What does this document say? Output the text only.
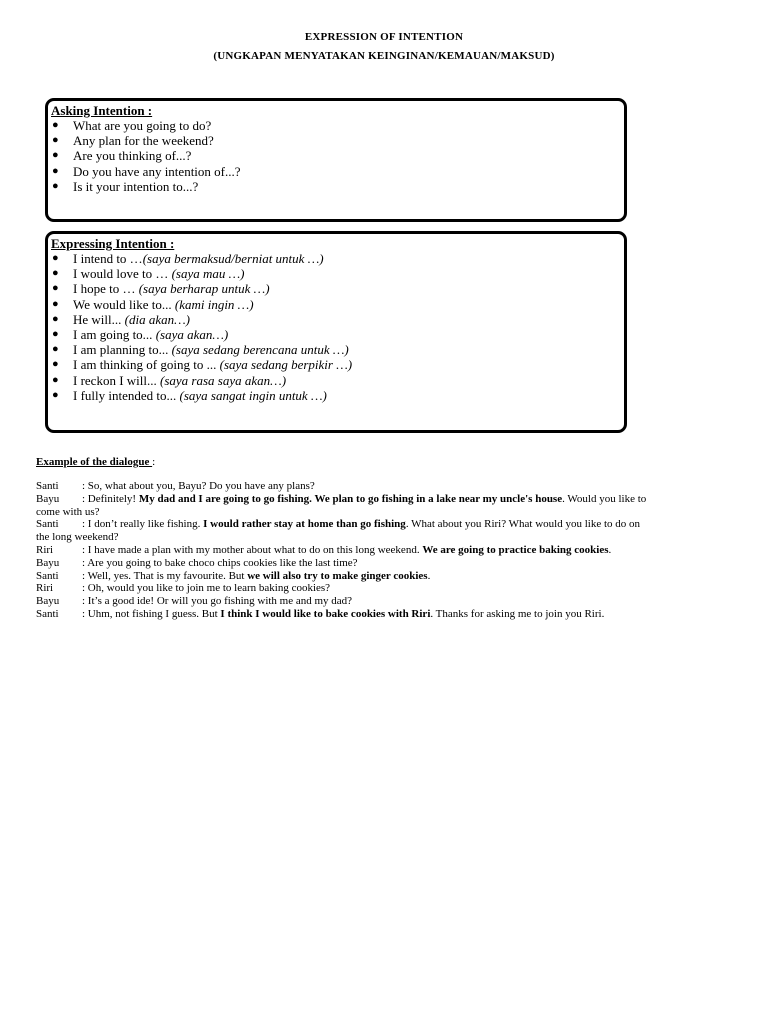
EXPRESSION OF INTENTION
(UNGKAPAN MENYATAKAN KEINGINAN/KEMAUAN/MAKSUD)
Asking Intention :
● What are you going to do?
● Any plan for the weekend?
● Are you thinking of...?
● Do you have any intention of...?
● Is it your intention to...?
Expressing Intention :
● I intend to …(saya bermaksud/berniat untuk …)
● I would love to … (saya mau …)
● I hope to … (saya berharap untuk …)
● We would like to... (kami ingin …)
● He will... (dia akan…)
● I am going to... (saya akan…)
● I am planning to... (saya sedang berencana untuk …)
● I am thinking of going to ... (saya sedang berpikir …)
● I reckon I will... (saya rasa saya akan…)
● I fully intended to... (saya sangat ingin untuk …)
Example of the dialogue :
Santi : So, what about you, Bayu? Do you have any plans?
Bayu : Definitely! My dad and I are going to go fishing. We plan to go fishing in a lake near my uncle's house. Would you like to
come with us?
Santi : I don’t really like fishing. I would rather stay at home than go fishing. What about you Riri? What would you like to do on
the long weekend?
Riri	: I have made a plan with my mother about what to do on this long weekend. We are going to practice baking cookies.
Bayu : Are you going to bake choco chips cookies like the last time?
Santi : Well, yes. That is my favourite. But we will also try to make ginger cookies.
Riri	: Oh, would you like to join me to learn baking cookies?
Bayu : It’s a good ide! Or will you go fishing with me and my dad?
Santi : Uhm, not fishing I guess. But I think I would like to bake cookies with Riri. Thanks for asking me to join you Riri.
